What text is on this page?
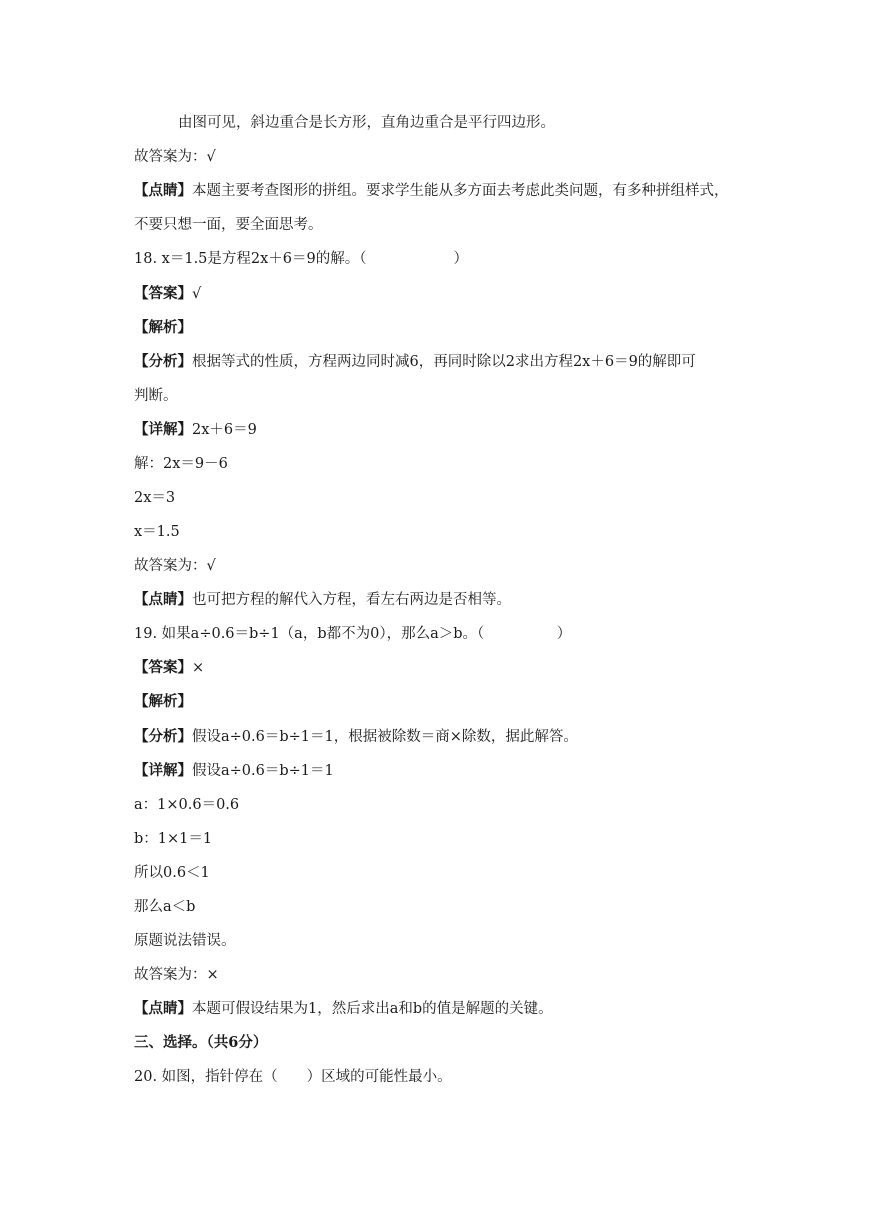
由图可见，斜边重合是长方形，直角边重合是平行四边形。
故答案为：√
【点睛】本题主要考查图形的拼组。要求学生能从多方面去考虑此类问题，有多种拼组样式，
不要只想一面，要全面思考。
18. x＝1.5是方程2x＋6＝9的解。（　　　　　　）
【答案】√
【解析】
【分析】根据等式的性质，方程两边同时减6，再同时除以2求出方程2x＋6＝9的解即可
判断。
【详解】2x＋6＝9
解：2x＝9－6
2x＝3
x＝1.5
故答案为：√
【点睛】也可把方程的解代入方程，看左右两边是否相等。
19. 如果a÷0.6＝b÷1（a，b都不为0），那么a＞b。（　　　　　）
【答案】×
【解析】
【分析】假设a÷0.6＝b÷1＝1，根据被除数＝商×除数，据此解答。
【详解】假设a÷0.6＝b÷1＝1
a：1×0.6＝0.6
b：1×1＝1
所以0.6＜1
那么a＜b
原题说法错误。
故答案为：×
【点睛】本题可假设结果为1，然后求出a和b的值是解题的关键。
三、选择。（共6分）
20. 如图，指针停在（　　）区域的可能性最小。
